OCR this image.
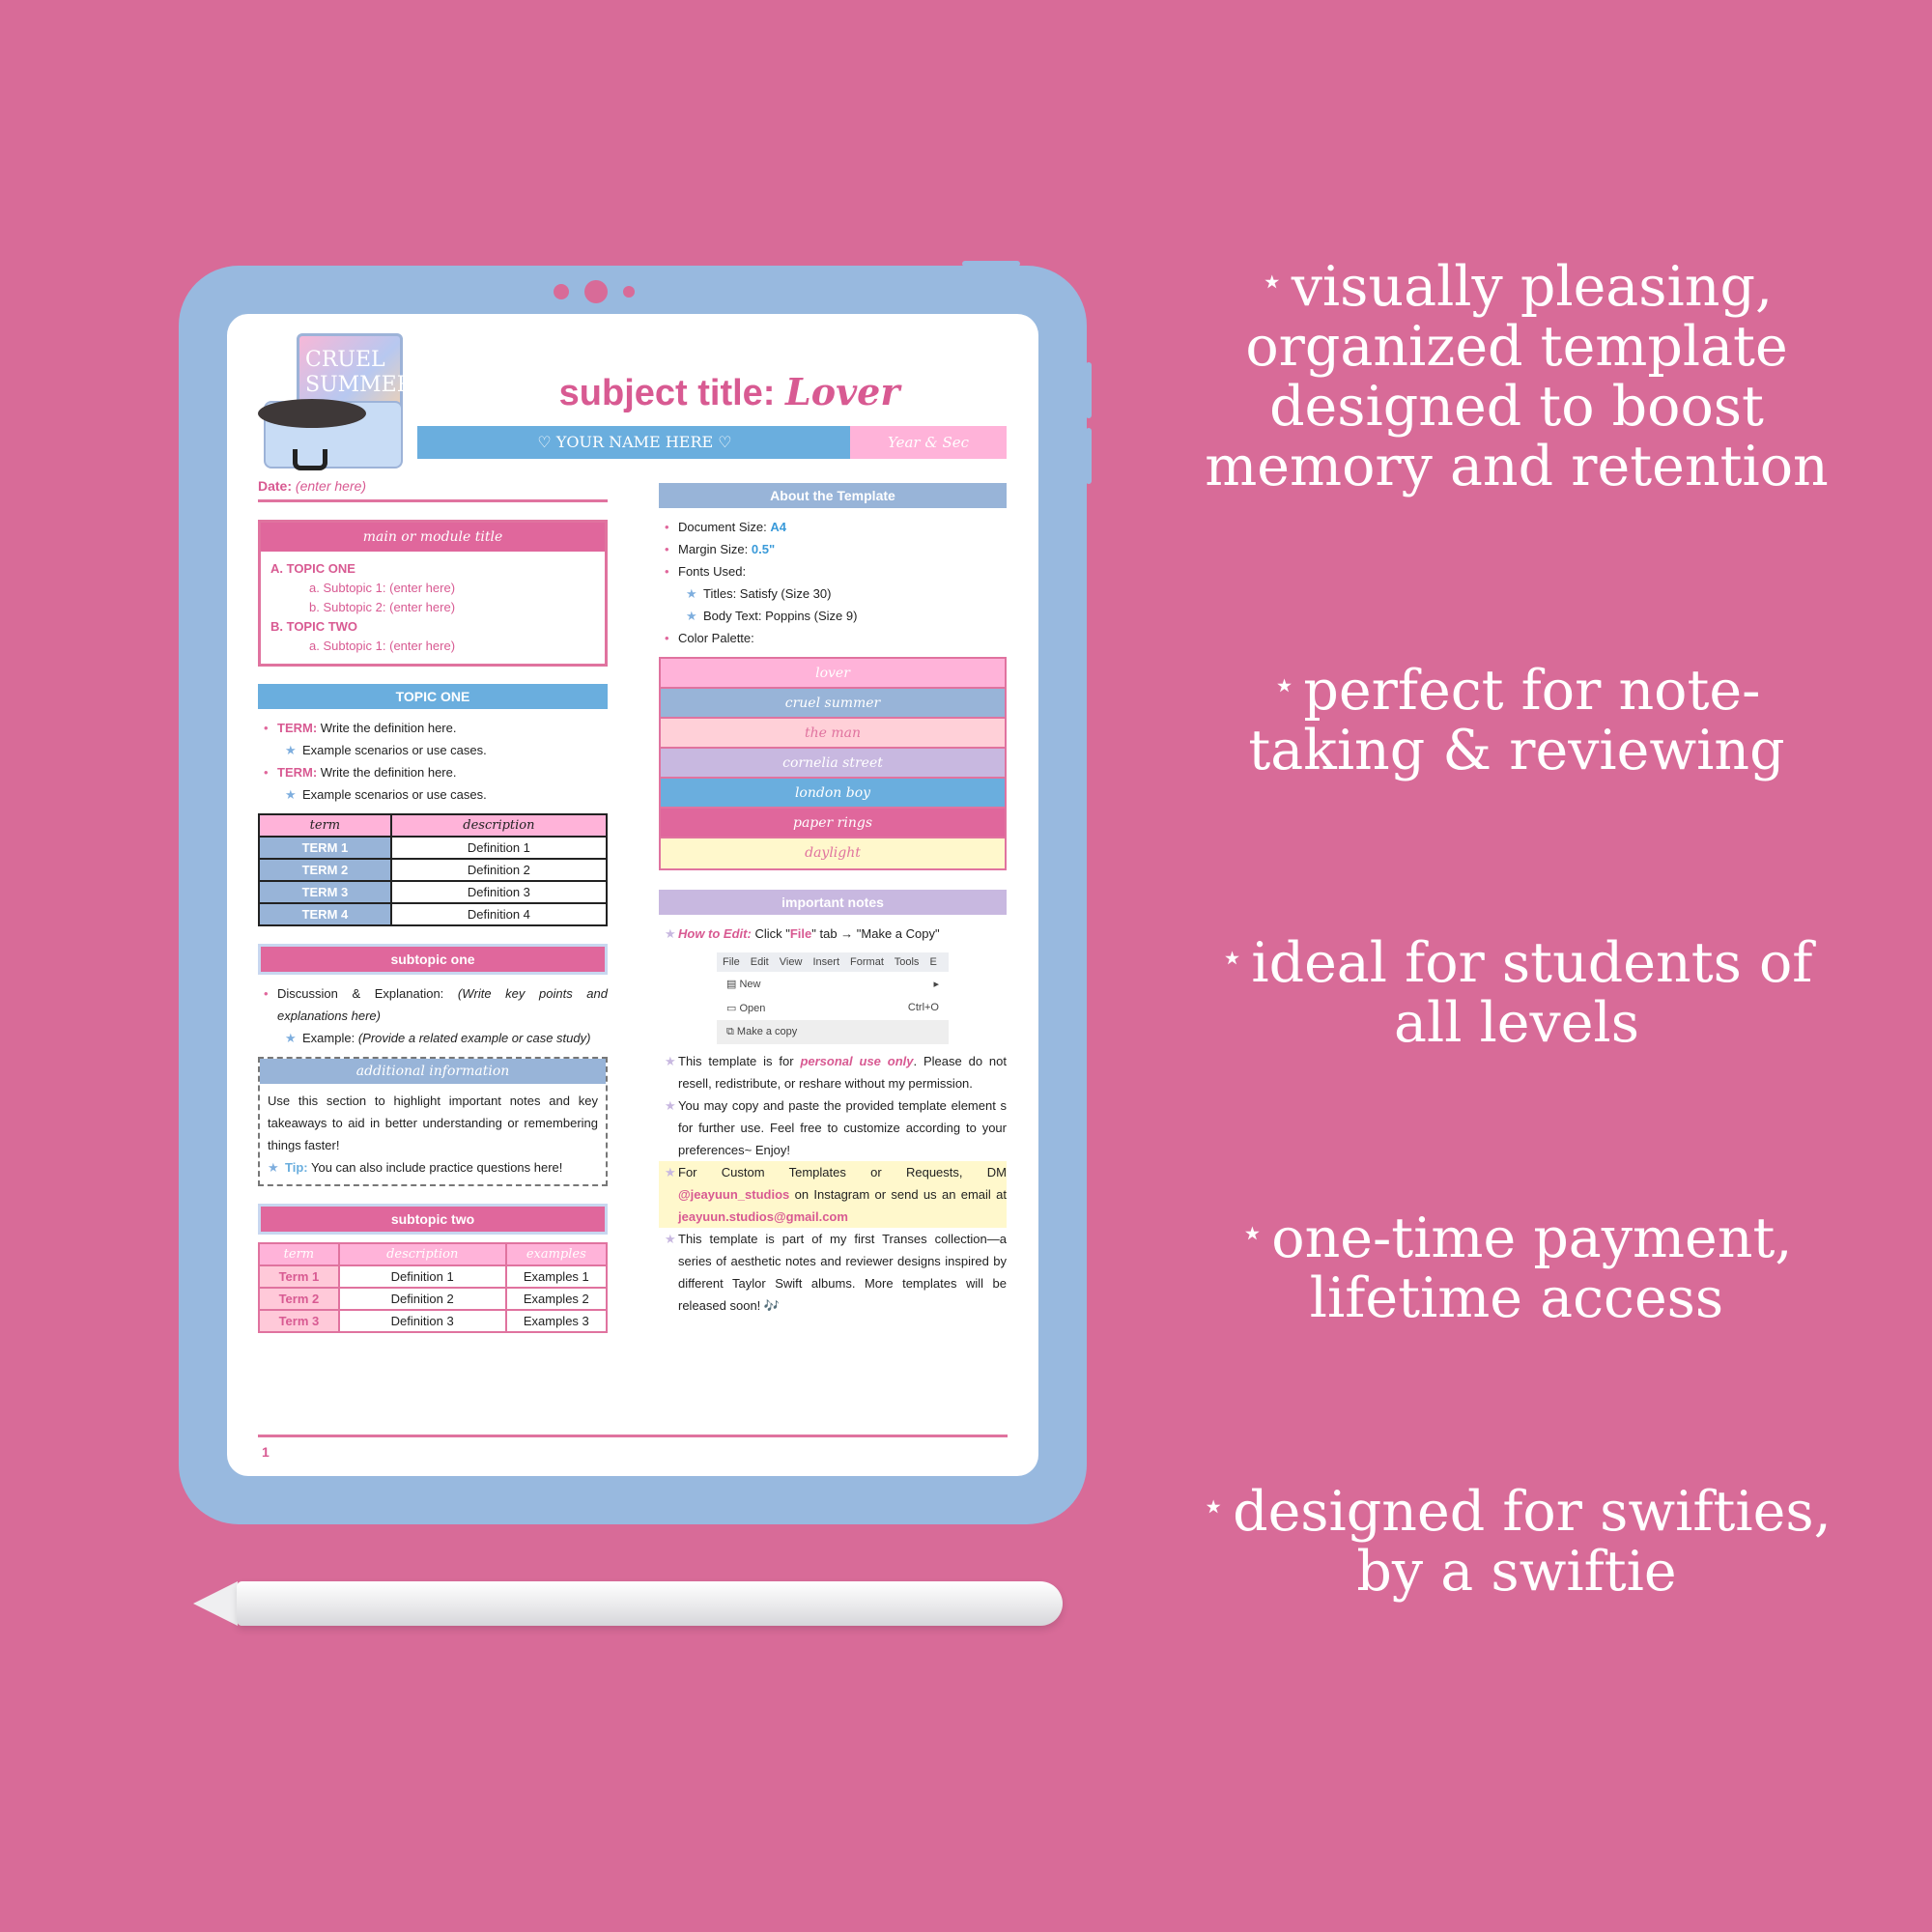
CRUEL SUMMER	subject title: Lover
♡ YOUR NAME HERE ♡	Year & Sec
Date: (enter here)
main or module title
A. TOPIC ONE
a. Subtopic 1: (enter here)
b. Subtopic 2: (enter here)
B. TOPIC TWO
a. Subtopic 1: (enter here)
TOPIC ONE
• TERM: Write the definition here.
★ Example scenarios or use cases.
• TERM: Write the definition here.
★ Example scenarios or use cases.
term	description
TERM 1	Definition 1
TERM 2	Definition 2
TERM 3	Definition 3
TERM 4	Definition 4
subtopic one
• Discussion & Explanation: (Write key points and explanations here)
★ Example: (Provide a related example or case study)
additional information
Use this section to highlight important notes and key takeaways to aid in better understanding or remembering things faster!
★ Tip: You can also include practice questions here!
subtopic two
term	description	examples
Term 1	Definition 1	Examples 1
Term 2	Definition 2	Examples 2
Term 3	Definition 3	Examples 3
About the Template
• Document Size: A4
• Margin Size: 0.5"
• Fonts Used:
★ Titles: Satisfy (Size 30)
★ Body Text: Poppins (Size 9)
• Color Palette:
lover
cruel summer
the man
cornelia street
london boy
paper rings
daylight
important notes
★ How to Edit: Click "File" tab → "Make a Copy"
File Edit View Insert Format Tools E
▤ New	▸
▭ Open	Ctrl+O
⧉ Make a copy
★ This template is for personal use only. Please do not resell, redistribute, or reshare without my permission.
★ You may copy and paste the provided template element s for further use. Feel free to customize according to your preferences~ Enjoy!
★ For Custom Templates or Requests, DM @jeayuun_studios on Instagram or send us an email at jeayuun.studios@gmail.com
★ This template is part of my first Transes collection—a series of aesthetic notes and reviewer designs inspired by different Taylor Swift albums. More templates will be released soon! 🎶
1
⋆ visually pleasing, organized template designed to boost memory and retention
⋆ perfect for note-taking & reviewing
⋆ ideal for students of all levels
⋆ one-time payment, lifetime access
⋆ designed for swifties, by a swiftie
